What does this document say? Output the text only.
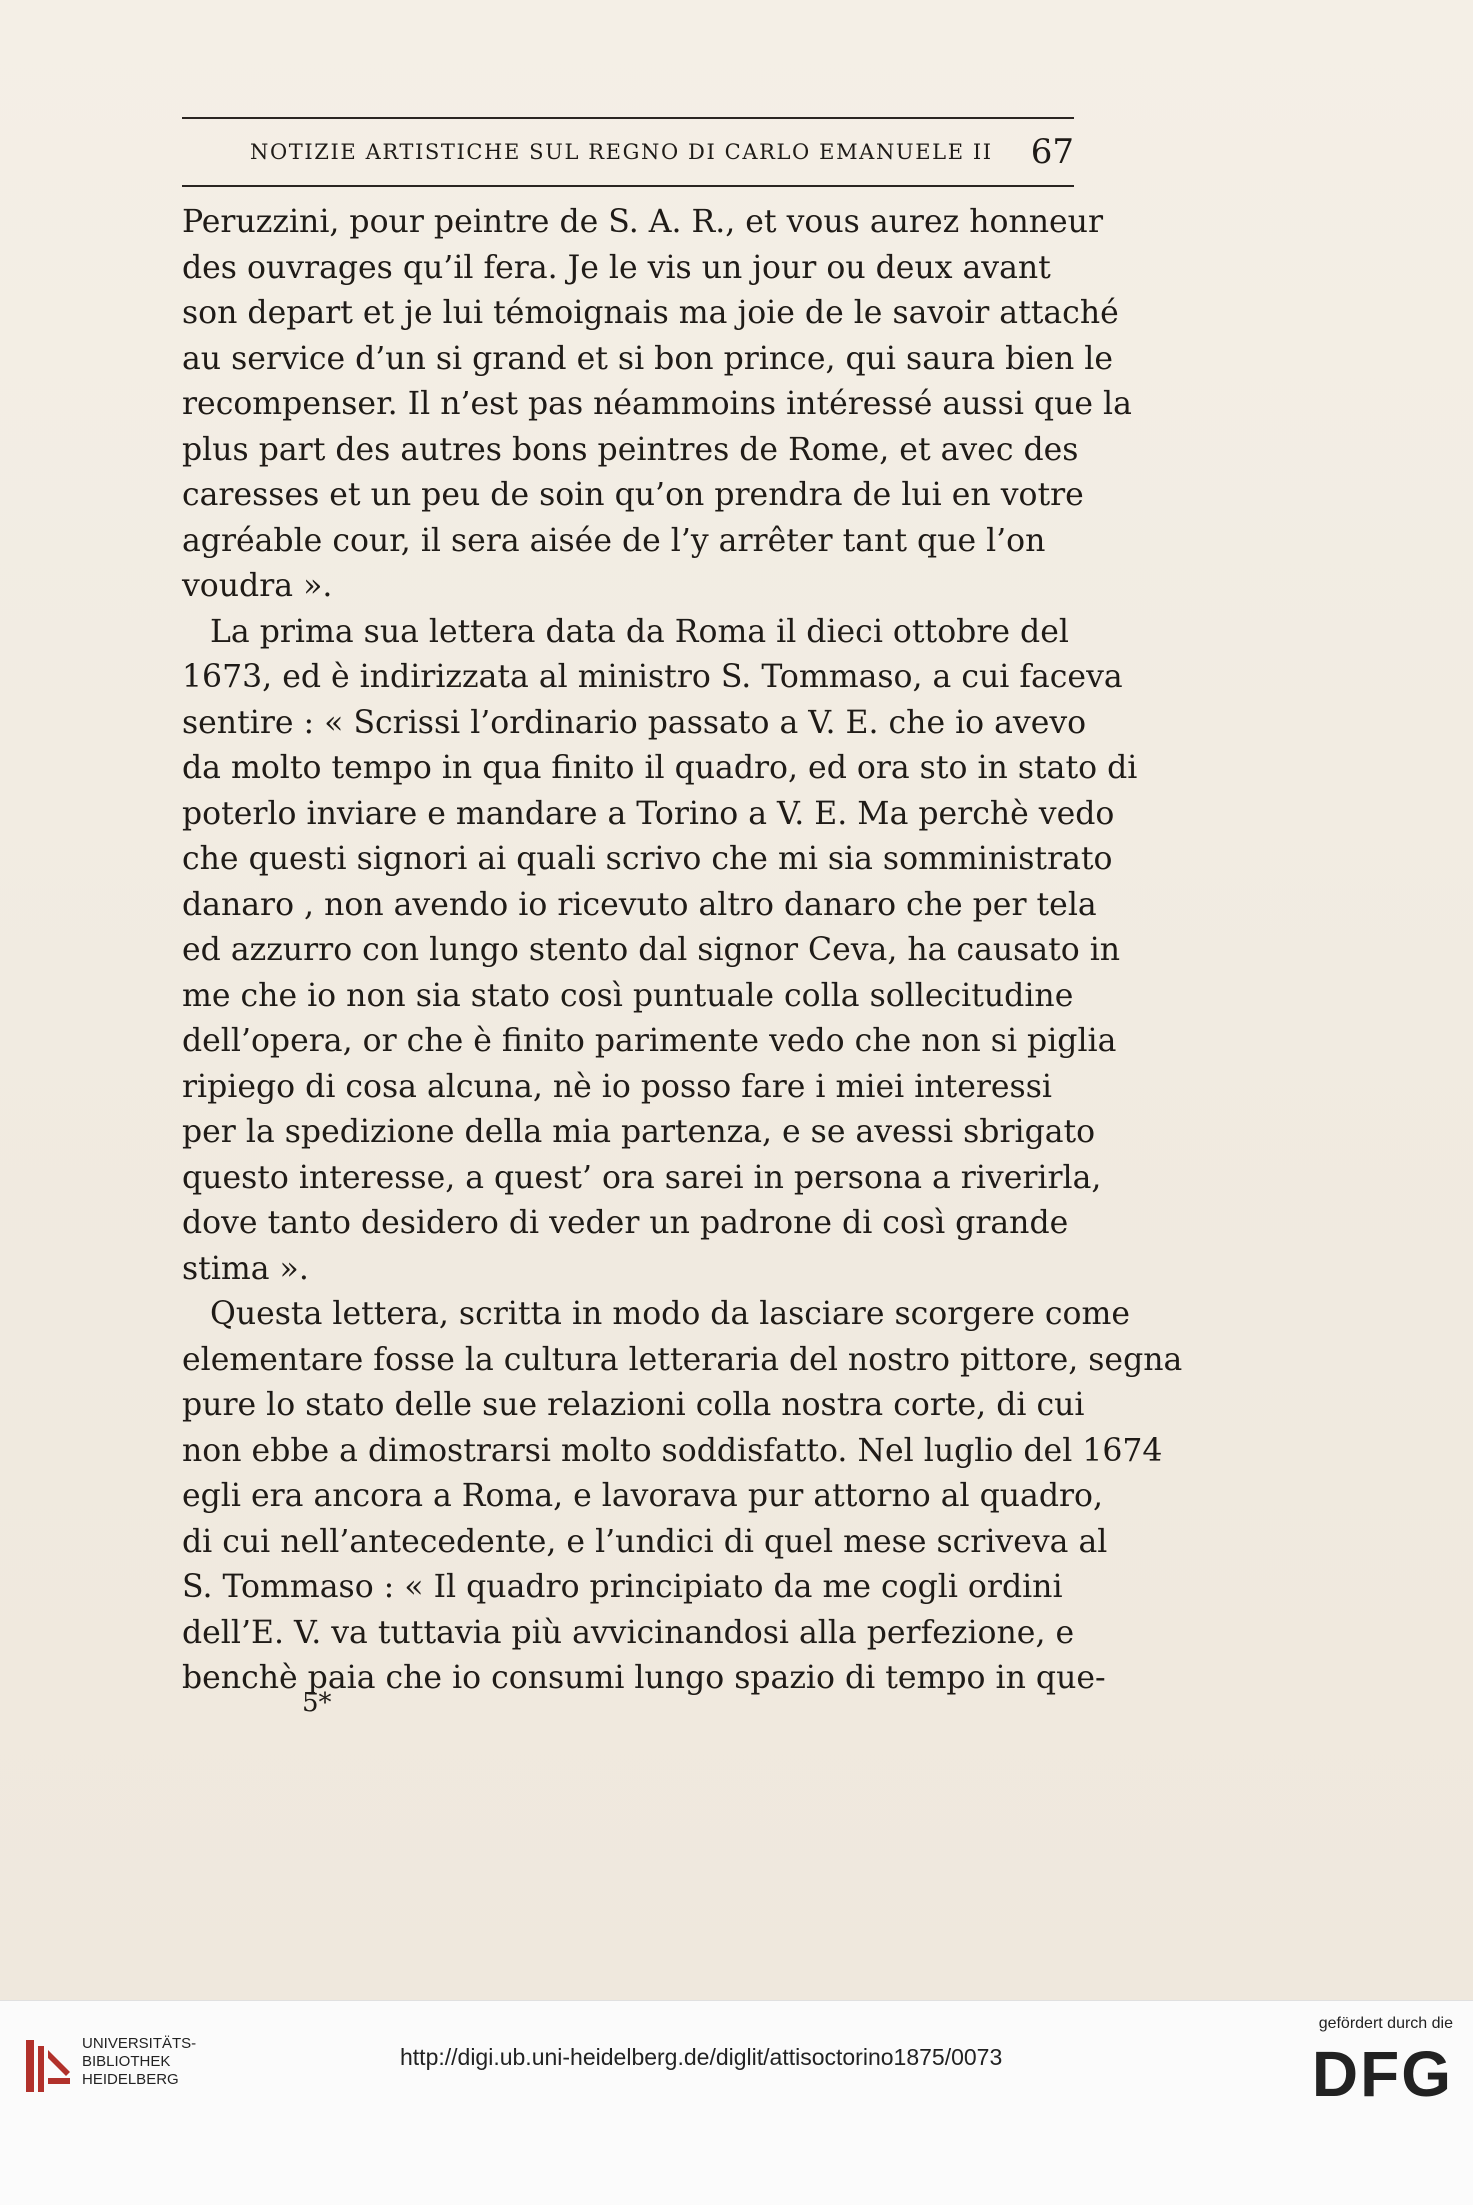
NOTIZIE ARTISTICHE SUL REGNO DI CARLO EMANUELE II 67
Peruzzini, pour peintre de S. A. R., et vous aurez honneur
des ouvrages qu’il fera. Je le vis un jour ou deux avant
son depart et je lui témoignais ma joie de le savoir attaché
au service d’un si grand et si bon prince, qui saura bien le
recompenser. Il n’est pas néammoins intéressé aussi que la
plus part des autres bons peintres de Rome, et avec des
caresses et un peu de soin qu’on prendra de lui en votre
agréable cour, il sera aisée de l’y arrêter tant que l’on
voudra ».
La prima sua lettera data da Roma il dieci ottobre del
1673, ed è indirizzata al ministro S. Tommaso, a cui faceva
sentire : « Scrissi l’ordinario passato a V. E. che io avevo
da molto tempo in qua finito il quadro, ed ora sto in stato di
poterlo inviare e mandare a Torino a V. E. Ma perchè vedo
che questi signori ai quali scrivo che mi sia somministrato
danaro , non avendo io ricevuto altro danaro che per tela
ed azzurro con lungo stento dal signor Ceva, ha causato in
me che io non sia stato così puntuale colla sollecitudine
dell’opera, or che è finito parimente vedo che non si piglia
ripiego di cosa alcuna, nè io posso fare i miei interessi
per la spedizione della mia partenza, e se avessi sbrigato
questo interesse, a quest’ ora sarei in persona a riverirla,
dove tanto desidero di veder un padrone di così grande
stima ».
Questa lettera, scritta in modo da lasciare scorgere come
elementare fosse la cultura letteraria del nostro pittore, segna
pure lo stato delle sue relazioni colla nostra corte, di cui
non ebbe a dimostrarsi molto soddisfatto. Nel luglio del 1674
egli era ancora a Roma, e lavorava pur attorno al quadro,
di cui nell’antecedente, e l’undici di quel mese scriveva al
S. Tommaso : « Il quadro principiato da me cogli ordini
dell’E. V. va tuttavia più avvicinandosi alla perfezione, e
benchè paia che io consumi lungo spazio di tempo in que-
5*
UNIVERSITÄTS-
BIBLIOTHEK
HEIDELBERG
http://digi.ub.uni-heidelberg.de/diglit/attisoctorino1875/0073
gefördert durch die
DFG
